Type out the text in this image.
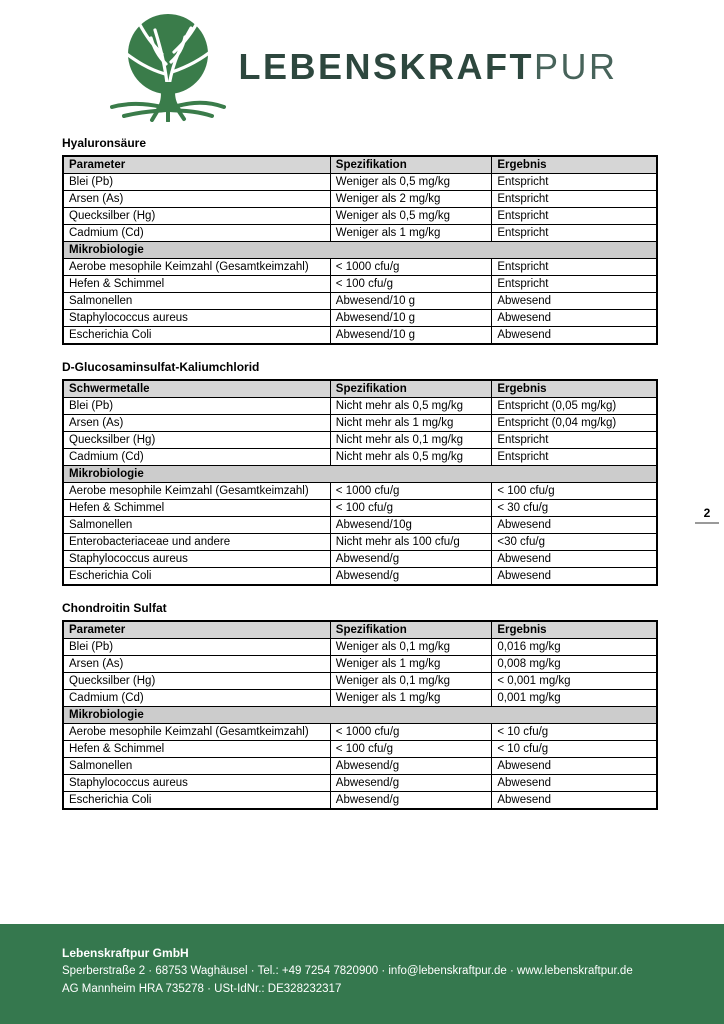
LEBENSKRAFTPUR
Hyaluronsäure
Parameter	Spezifikation	Ergebnis
Blei (Pb)	Weniger als 0,5 mg/kg	Entspricht
Arsen (As)	Weniger als 2 mg/kg	Entspricht
Quecksilber (Hg)	Weniger als 0,5 mg/kg	Entspricht
Cadmium (Cd)	Weniger als 1 mg/kg	Entspricht
Mikrobiologie		
Aerobe mesophile Keimzahl (Gesamtkeimzahl)	< 1000 cfu/g	Entspricht
Hefen & Schimmel	< 100 cfu/g	Entspricht
Salmonellen	Abwesend/10 g	Abwesend
Staphylococcus aureus	Abwesend/10 g	Abwesend
Escherichia Coli	Abwesend/10 g	Abwesend
D-Glucosaminsulfat-Kaliumchlorid
Schwermetalle	Spezifikation	Ergebnis
Blei (Pb)	Nicht mehr als 0,5 mg/kg	Entspricht (0,05 mg/kg)
Arsen (As)	Nicht mehr als 1 mg/kg	Entspricht (0,04 mg/kg)
Quecksilber (Hg)	Nicht mehr als 0,1 mg/kg	Entspricht
Cadmium (Cd)	Nicht mehr als 0,5 mg/kg	Entspricht
Mikrobiologie		
Aerobe mesophile Keimzahl (Gesamtkeimzahl)	< 1000 cfu/g	< 100 cfu/g
Hefen & Schimmel	< 100 cfu/g	< 30 cfu/g
Salmonellen	Abwesend/10g	Abwesend
Enterobacteriaceae und andere	Nicht mehr als 100 cfu/g	<30 cfu/g
Staphylococcus aureus	Abwesend/g	Abwesend
Escherichia Coli	Abwesend/g	Abwesend
Chondroitin Sulfat
Parameter	Spezifikation	Ergebnis
Blei (Pb)	Weniger als 0,1 mg/kg	0,016 mg/kg
Arsen (As)	Weniger als 1 mg/kg	0,008 mg/kg
Quecksilber (Hg)	Weniger als 0,1 mg/kg	< 0,001 mg/kg
Cadmium (Cd)	Weniger als 1 mg/kg	0,001 mg/kg
Mikrobiologie		
Aerobe mesophile Keimzahl (Gesamtkeimzahl)	< 1000 cfu/g	< 10 cfu/g
Hefen & Schimmel	< 100 cfu/g	< 10 cfu/g
Salmonellen	Abwesend/g	Abwesend
Staphylococcus aureus	Abwesend/g	Abwesend
Escherichia Coli	Abwesend/g	Abwesend
2
Lebenskraftpur GmbH
Sperberstraße 2 · 68753 Waghäusel · Tel.: +49 7254 7820900 · info@lebenskraftpur.de · www.lebenskraftpur.de
AG Mannheim HRA 735278 · USt-IdNr.: DE328232317
